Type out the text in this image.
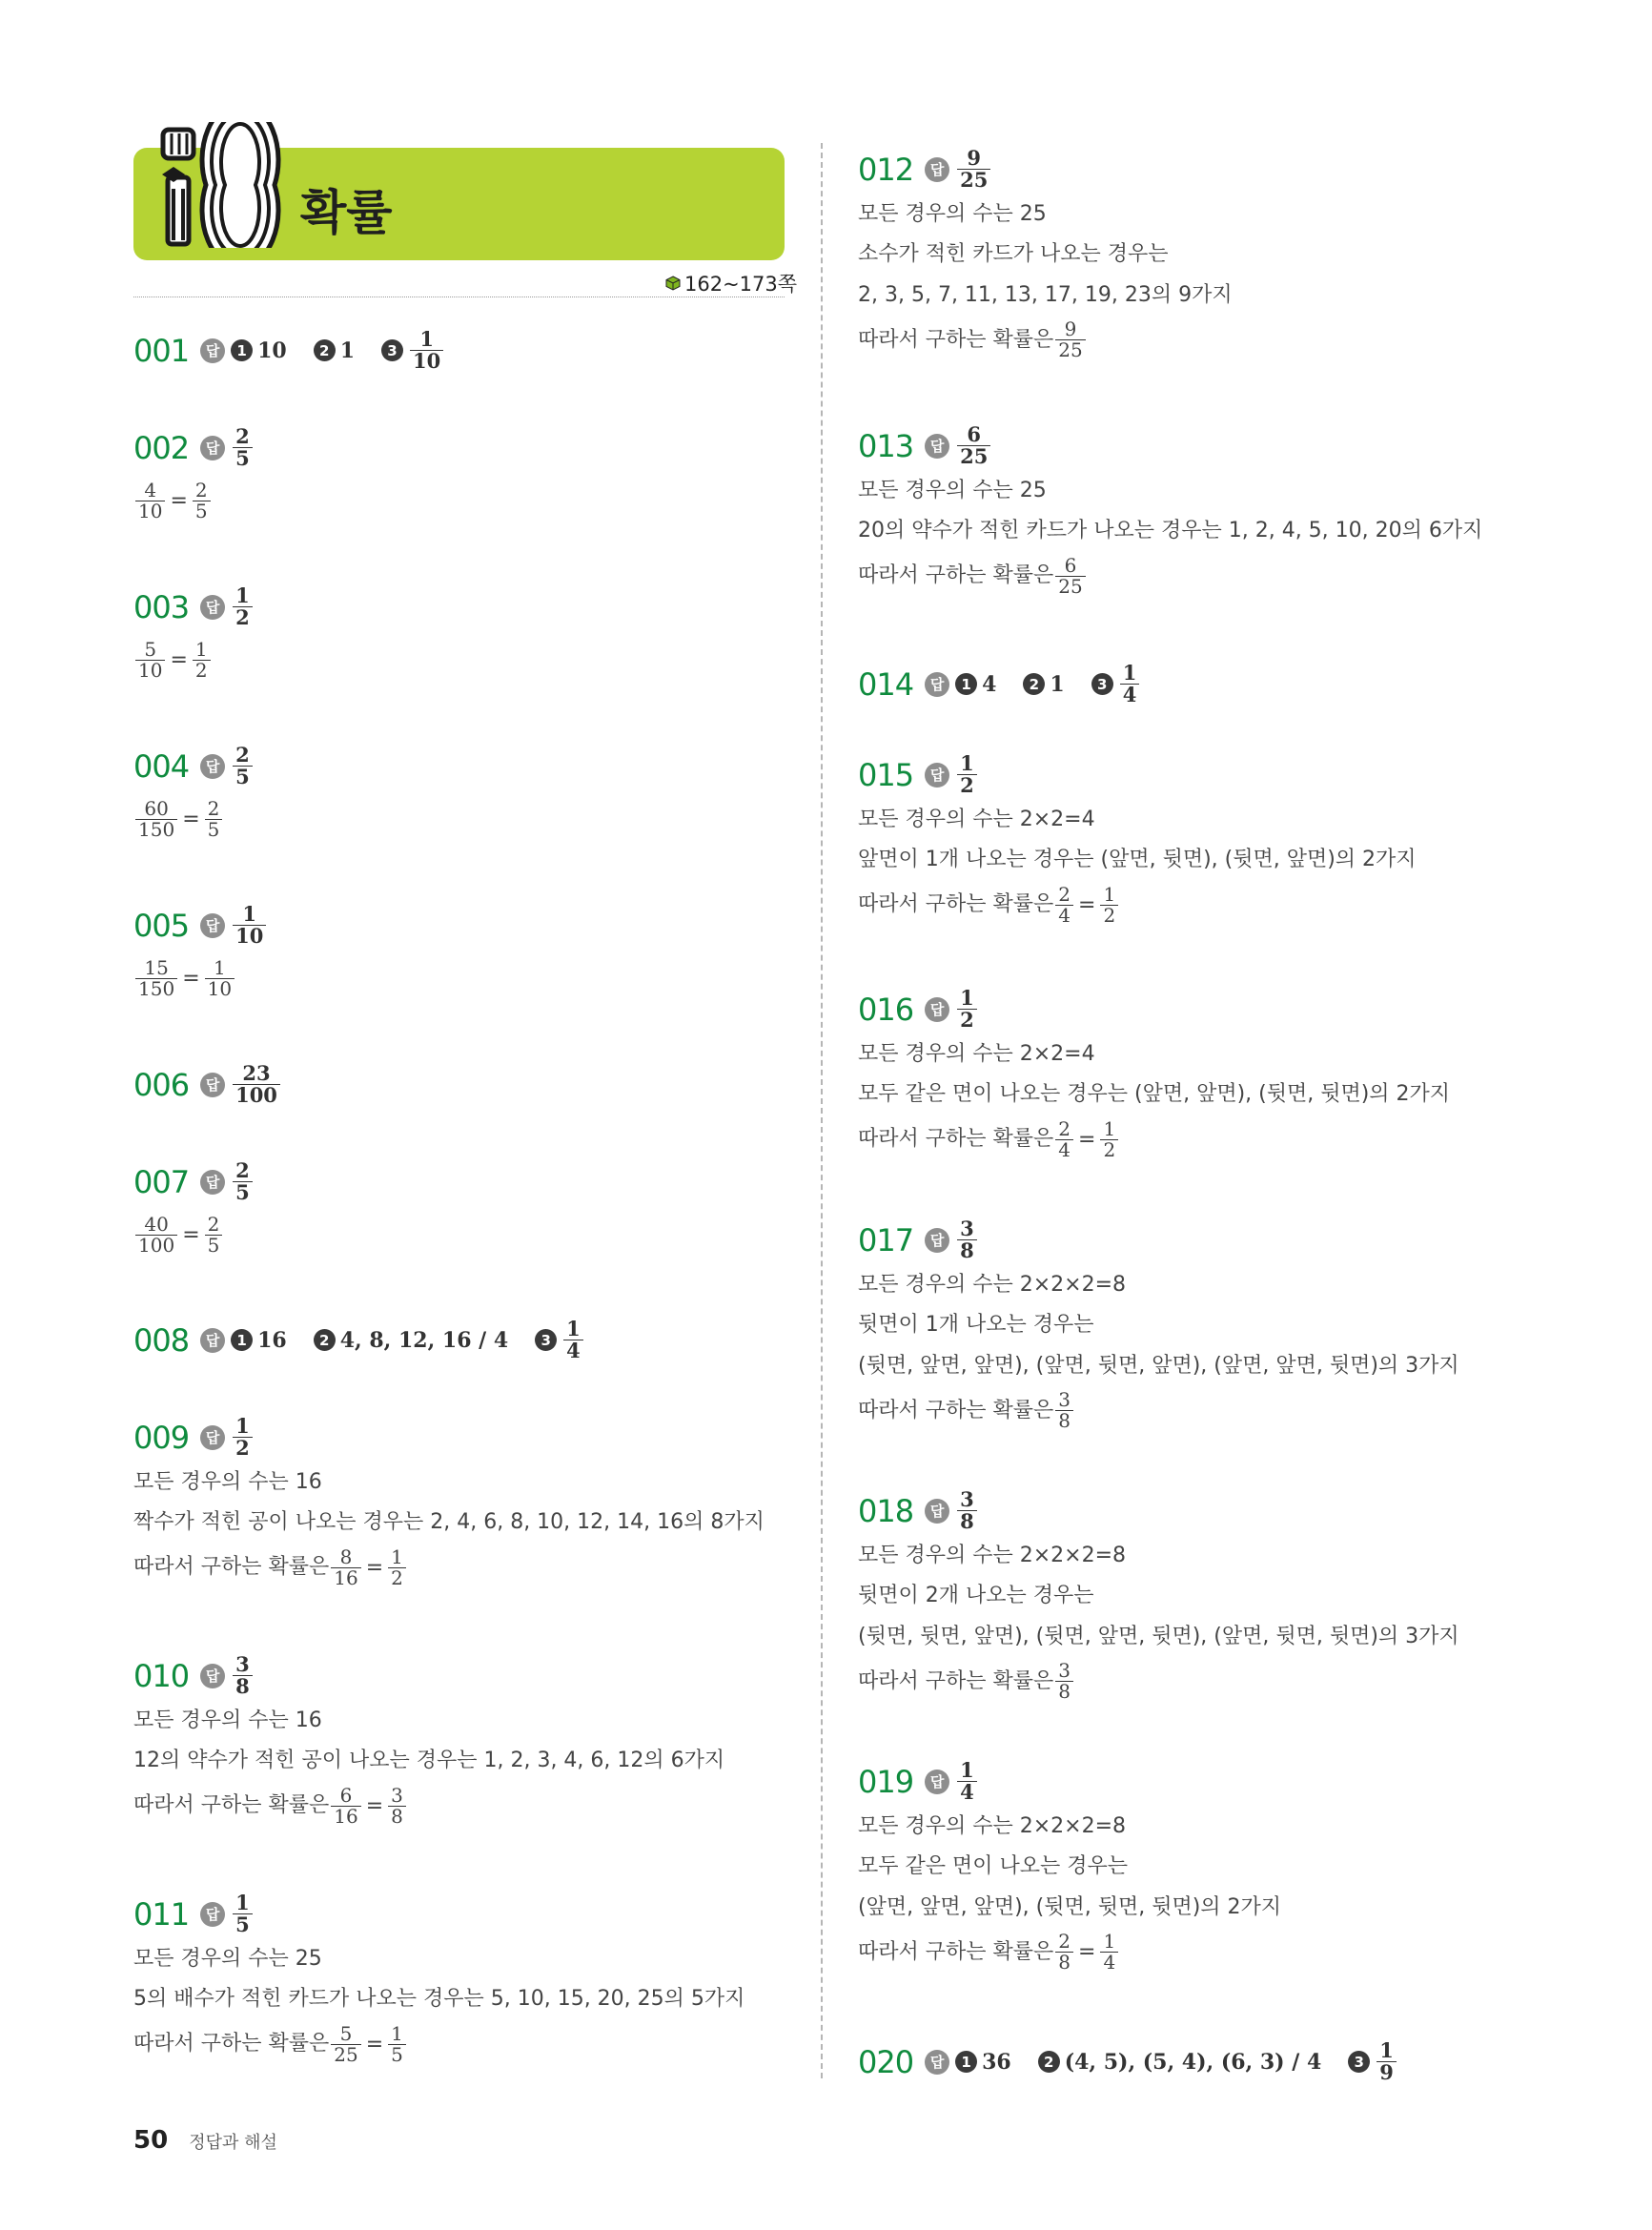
확률
162~173쪽
001	답	1 10	2 1	$3 \frac{1}{10}$
002	답 $\frac{2}{5}$
$\frac{4}{10} = \frac{2}{5}$
003	답 $\frac{1}{2}$
$\frac{5}{10} = \frac{1}{2}$
004	답 $\frac{2}{5}$
$\frac{60}{150} = \frac{2}{5}$
005	답 $\frac{1}{10}$
$\frac{15}{150} = \frac{1}{10}$
006	답 $\frac{23}{100}$
007	답 $\frac{2}{5}$
$\frac{40}{100} = \frac{2}{5}$
008	답	1 16	2 4, 8, 12, 16 / 4	$3 \frac{1}{4}$
009	답 $\frac{1}{2}$
모든 경우의 수는 16
짝수가 적힌 공이 나오는 경우는 2, 4, 6, 8, 10, 12, 14, 16의 8가지
따라서 구하는 확률은 $\frac{8}{16} = \frac{1}{2}$
010	답 $\frac{3}{8}$
모든 경우의 수는 16
12의 약수가 적힌 공이 나오는 경우는 1, 2, 3, 4, 6, 12의 6가지
따라서 구하는 확률은 $\frac{6}{16} = \frac{3}{8}$
011	답 $\frac{1}{5}$
모든 경우의 수는 25
5의 배수가 적힌 카드가 나오는 경우는 5, 10, 15, 20, 25의 5가지
따라서 구하는 확률은 $\frac{5}{25} = \frac{1}{5}$
012	답 $\frac{9}{25}$
모든 경우의 수는 25
소수가 적힌 카드가 나오는 경우는
2, 3, 5, 7, 11, 13, 17, 19, 23의 9가지
따라서 구하는 확률은 $\frac{9}{25}$
013	답 $\frac{6}{25}$
모든 경우의 수는 25
20의 약수가 적힌 카드가 나오는 경우는 1, 2, 4, 5, 10, 20의 6가지
따라서 구하는 확률은 $\frac{6}{25}$
014	답	1 4	2 1	$3 \frac{1}{4}$
015	답 $\frac{1}{2}$
모든 경우의 수는 2×2=4
앞면이 1개 나오는 경우는 (앞면, 뒷면), (뒷면, 앞면)의 2가지
따라서 구하는 확률은 $\frac{2}{4} = \frac{1}{2}$
016	답 $\frac{1}{2}$
모든 경우의 수는 2×2=4
모두 같은 면이 나오는 경우는 (앞면, 앞면), (뒷면, 뒷면)의 2가지
따라서 구하는 확률은 $\frac{2}{4} = \frac{1}{2}$
017	답 $\frac{3}{8}$
모든 경우의 수는 2×2×2=8
뒷면이 1개 나오는 경우는
(뒷면, 앞면, 앞면), (앞면, 뒷면, 앞면), (앞면, 앞면, 뒷면)의 3가지
따라서 구하는 확률은 $\frac{3}{8}$
018	답 $\frac{3}{8}$
모든 경우의 수는 2×2×2=8
뒷면이 2개 나오는 경우는
(뒷면, 뒷면, 앞면), (뒷면, 앞면, 뒷면), (앞면, 뒷면, 뒷면)의 3가지
따라서 구하는 확률은 $\frac{3}{8}$
019	답 $\frac{1}{4}$
모든 경우의 수는 2×2×2=8
모두 같은 면이 나오는 경우는
(앞면, 앞면, 앞면), (뒷면, 뒷면, 뒷면)의 2가지
따라서 구하는 확률은 $\frac{2}{8} = \frac{1}{4}$
020	답	1 36	2 (4, 5), (5, 4), (6, 3) / 4	$3 \frac{1}{9}$
50 정답과 해설
